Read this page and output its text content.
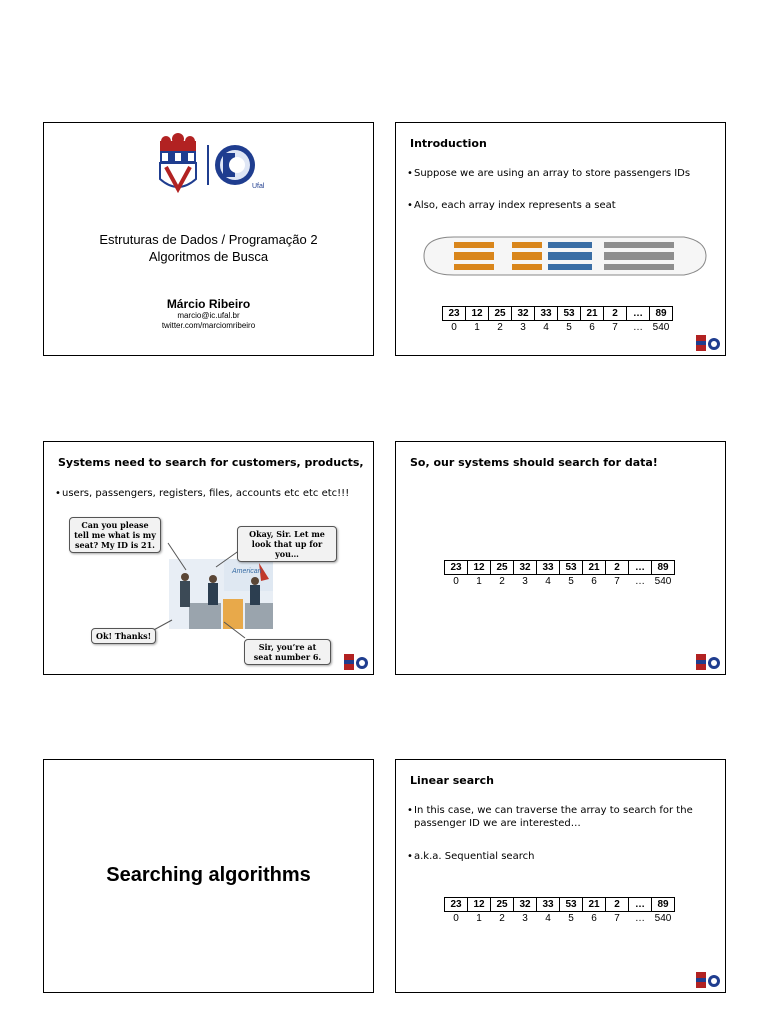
Ufal
Estruturas de Dados / Programação 2
Algoritmos de Busca
Márcio Ribeiro
marcio@ic.ufal.br
twitter.com/marciomribeiro
Introduction
• Suppose we are using an array to store passengers IDs
• Also, each array index represents a seat
23	12	25	32	33	53	21	2	…	89
0	1	2	3	4	5	6	7	…	540
Systems need to search for customers, products,
• users, passengers, registers, files, accounts etc etc etc!!!
American
Can you please tell me what is my seat? My ID is 21.
Okay, Sir. Let me look that up for you…
Ok! Thanks!
Sir, you’re at seat number 6.
So, our systems should search for data!
23	12	25	32	33	53	21	2	…	89
0	1	2	3	4	5	6	7	…	540
Searching algorithms
Linear search
• In this case, we can traverse the array to search for the passenger ID we are interested…
• a.k.a. Sequential search
23	12	25	32	33	53	21	2	…	89
0	1	2	3	4	5	6	7	…	540
